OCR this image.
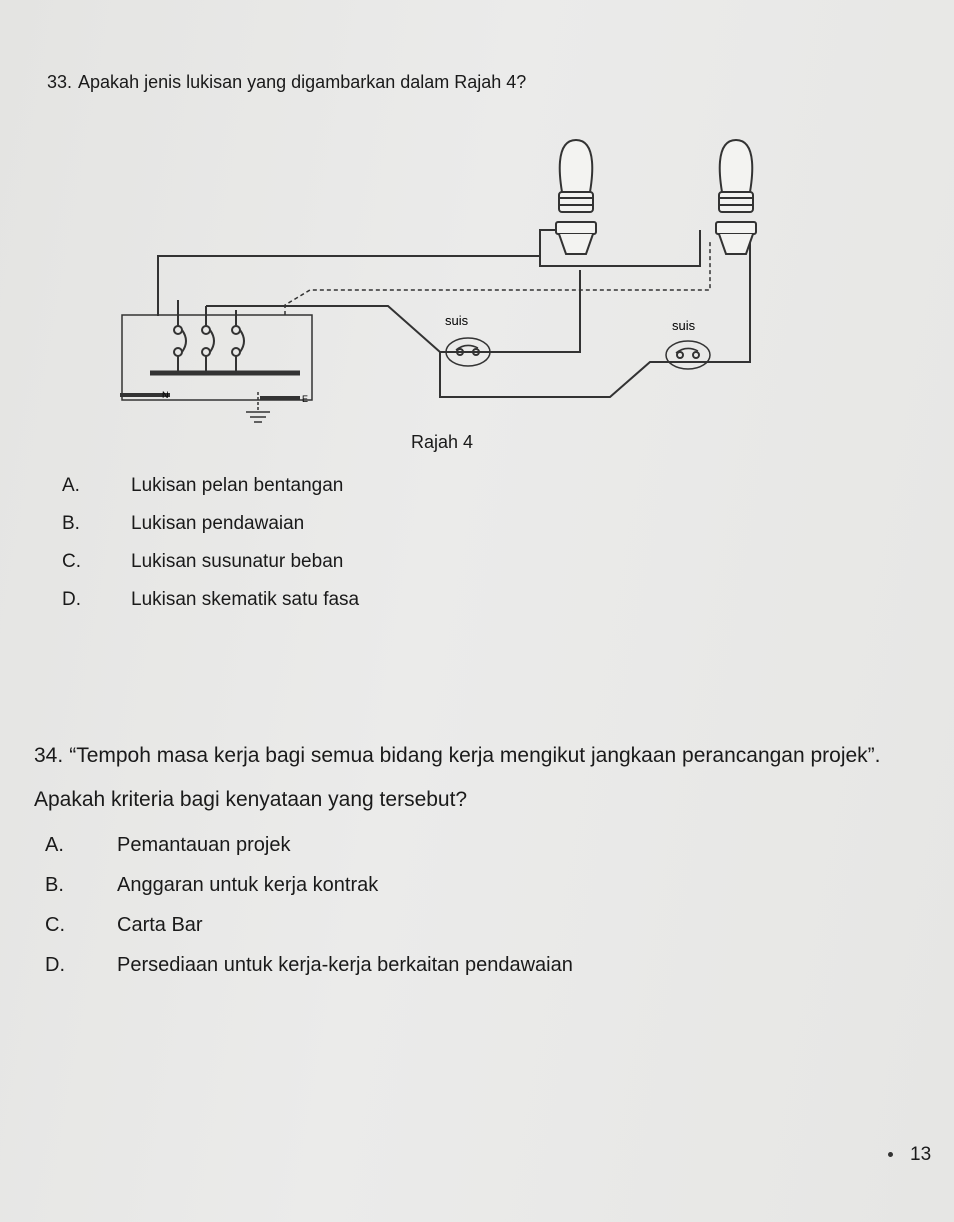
33. Apakah jenis lukisan yang digambarkan dalam Rajah 4?
suis	suis
N	E
Rajah 4
A.	Lukisan pelan bentangan
B.	Lukisan pendawaian
C.	Lukisan susunatur beban
D.	Lukisan skematik satu fasa
34. “Tempoh masa kerja bagi semua bidang kerja mengikut jangkaan perancangan projek”. Apakah kriteria bagi kenyataan yang tersebut?
A.	Pemantauan projek
B.	Anggaran untuk kerja kontrak
C.	Carta Bar
D.	Persediaan untuk kerja-kerja berkaitan pendawaian
13
